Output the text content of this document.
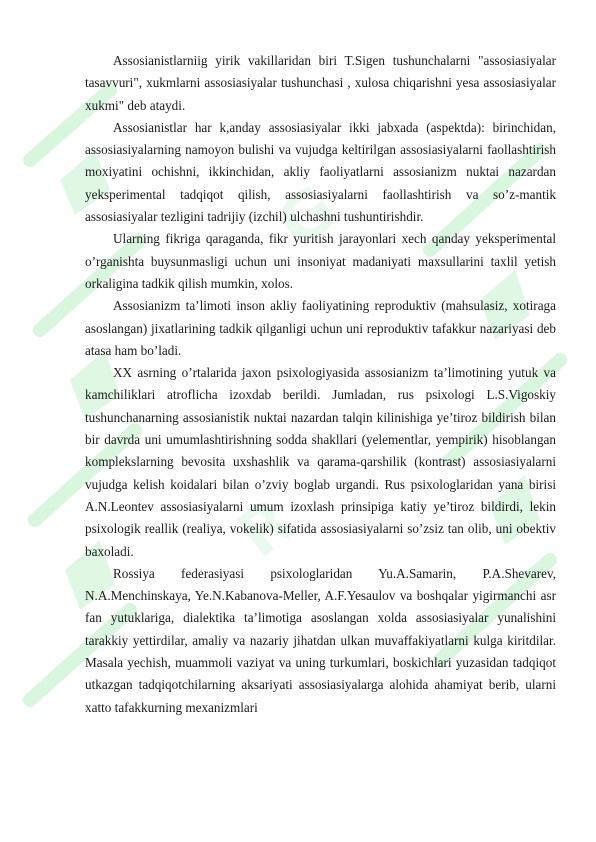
G
R

Assosianistlarniig yirik vakillaridan biri T.Sigen tushunchalarni "assosiasiyalar tasavvuri", xukmlarni assosiasiyalar tushunchasi , xulosa chiqarishni yesa assosiasiyalar xukmi" deb ataydi.

Assosianistlar har k,anday assosiasiyalar ikki jabxada (aspektda): birinchidan, assosiasiyalarning namoyon bulishi va vujudga keltirilgan assosiasiyalarni faollashtirish moxiyatini ochishni, ikkinchidan, akliy faoliyatlarni assosianizm nuktai nazardan yeksperimental tadqiqot qilish, assosiasiyalarni faollashtirish va so’z-mantik assosiasiyalar tezligini tadrijiy (izchil) ulchashni tushuntirishdir.

Ularning fikriga qaraganda, fikr yuritish jarayonlari xech qanday yeksperimental o’rganishta buysunmasligi uchun uni insoniyat madaniyati maxsullarini taxlil yetish orkaligina tadkik qilish mumkin, xolos.

Assosianizm ta’limoti inson akliy faoliyatining reproduktiv (mahsulasiz, xotiraga asoslangan) jixatlarining tadkik qilganligi uchun uni reproduktiv tafakkur nazariyasi deb atasa ham bo’ladi.

XX asrning o’rtalarida jaxon psixologiyasida assosianizm ta’limotining yutuk va kamchiliklari atroflicha izoxdab berildi. Jumladan, rus psixologi L.S.Vigoskiy tushunchanarning assosianistik nuktai nazardan talqin kilinishiga ye’tiroz bildirish bilan bir davrda uni umumlashtirishning sodda shakllari (yelementlar, yempirik) hisoblangan komplekslarning bevosita uxshashlik va qarama-qarshilik (kontrast) assosiasiyalarni vujudga kelish koidalari bilan o’zviy boglab urgandi. Rus psixologlaridan yana birisi A.N.Leontev assosiasiyalarni umum izoxlash prinsipiga katiy ye’tiroz bildirdi, lekin psixologik reallik (realiya, vokelik) sifatida assosiasiyalarni so’zsiz tan olib, uni obektiv baxoladi.

Rossiya federasiyasi psixologlaridan Yu.A.Samarin, P.A.Shevarev, N.A.Menchinskaya, Ye.N.Kabanova-Meller, A.F.Yesaulov va boshqalar yigirmanchi asr fan yutuklariga, dialektika ta’limotiga asoslangan xolda assosiasiyalar yunalishini tarakkiy yettirdilar, amaliy va nazariy jihatdan ulkan muvaffakiyatlarni kulga kiritdilar. Masala yechish, muammoli vaziyat va uning turkumlari, boskichlari yuzasidan tadqiqot utkazgan tadqiqotchilarning aksariyati assosiasiyalarga alohida ahamiyat berib, ularni xatto tafakkurning mexanizmlari
